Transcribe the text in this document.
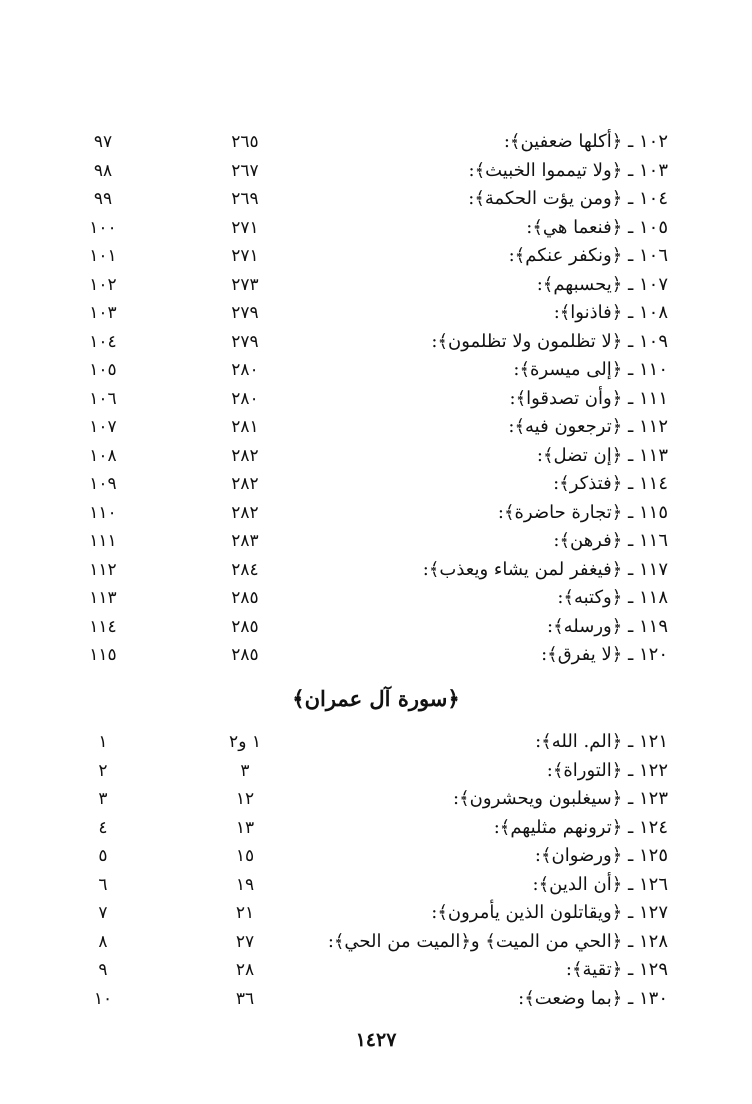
١٠٢ ـ ﴿أكلها ضعفين﴾:
٢٦٥
٩٧
١٠٣ ـ ﴿ولا تيمموا الخبيث﴾:
٢٦٧
٩٨
١٠٤ ـ ﴿ومن يؤت الحكمة﴾:
٢٦٩
٩٩
١٠٥ ـ ﴿فنعما هي﴾:
٢٧١
١٠٠
١٠٦ ـ ﴿ونكفر عنكم﴾:
٢٧١
١٠١
١٠٧ ـ ﴿يحسبهم﴾:
٢٧٣
١٠٢
١٠٨ ـ ﴿فاذنوا﴾:
٢٧٩
١٠٣
١٠٩ ـ ﴿لا تظلمون ولا تظلمون﴾:
٢٧٩
١٠٤
١١٠ ـ ﴿إلى ميسرة﴾:
٢٨٠
١٠٥
١١١ ـ ﴿وأن تصدقوا﴾:
٢٨٠
١٠٦
١١٢ ـ ﴿ترجعون فيه﴾:
٢٨١
١٠٧
١١٣ ـ ﴿إن تضل﴾:
٢٨٢
١٠٨
١١٤ ـ ﴿فتذكر﴾:
٢٨٢
١٠٩
١١٥ ـ ﴿تجارة حاضرة﴾:
٢٨٢
١١٠
١١٦ ـ ﴿فرهن﴾:
٢٨٣
١١١
١١٧ ـ ﴿فيغفر لمن يشاء ويعذب﴾:
٢٨٤
١١٢
١١٨ ـ ﴿وكتبه﴾:
٢٨٥
١١٣
١١٩ ـ ﴿ورسله﴾:
٢٨٥
١١٤
١٢٠ ـ ﴿لا يفرق﴾:
٢٨٥
١١٥
﴿سورة آل عمران﴾
١٢١ ـ ﴿الم. الله﴾:
١ و٢
١
١٢٢ ـ ﴿التوراة﴾:
٣
٢
١٢٣ ـ ﴿سيغلبون ويحشرون﴾:
١٢
٣
١٢٤ ـ ﴿ترونهم مثليهم﴾:
١٣
٤
١٢٥ ـ ﴿ورضوان﴾:
١٥
٥
١٢٦ ـ ﴿أن الدين﴾:
١٩
٦
١٢٧ ـ ﴿ويقاتلون الذين يأمرون﴾:
٢١
٧
١٢٨ ـ ﴿الحي من الميت﴾ و﴿الميت من الحي﴾:
٢٧
٨
١٢٩ ـ ﴿تقية﴾:
٢٨
٩
١٣٠ ـ ﴿بما وضعت﴾:
٣٦
١٠
١٤٢٧
